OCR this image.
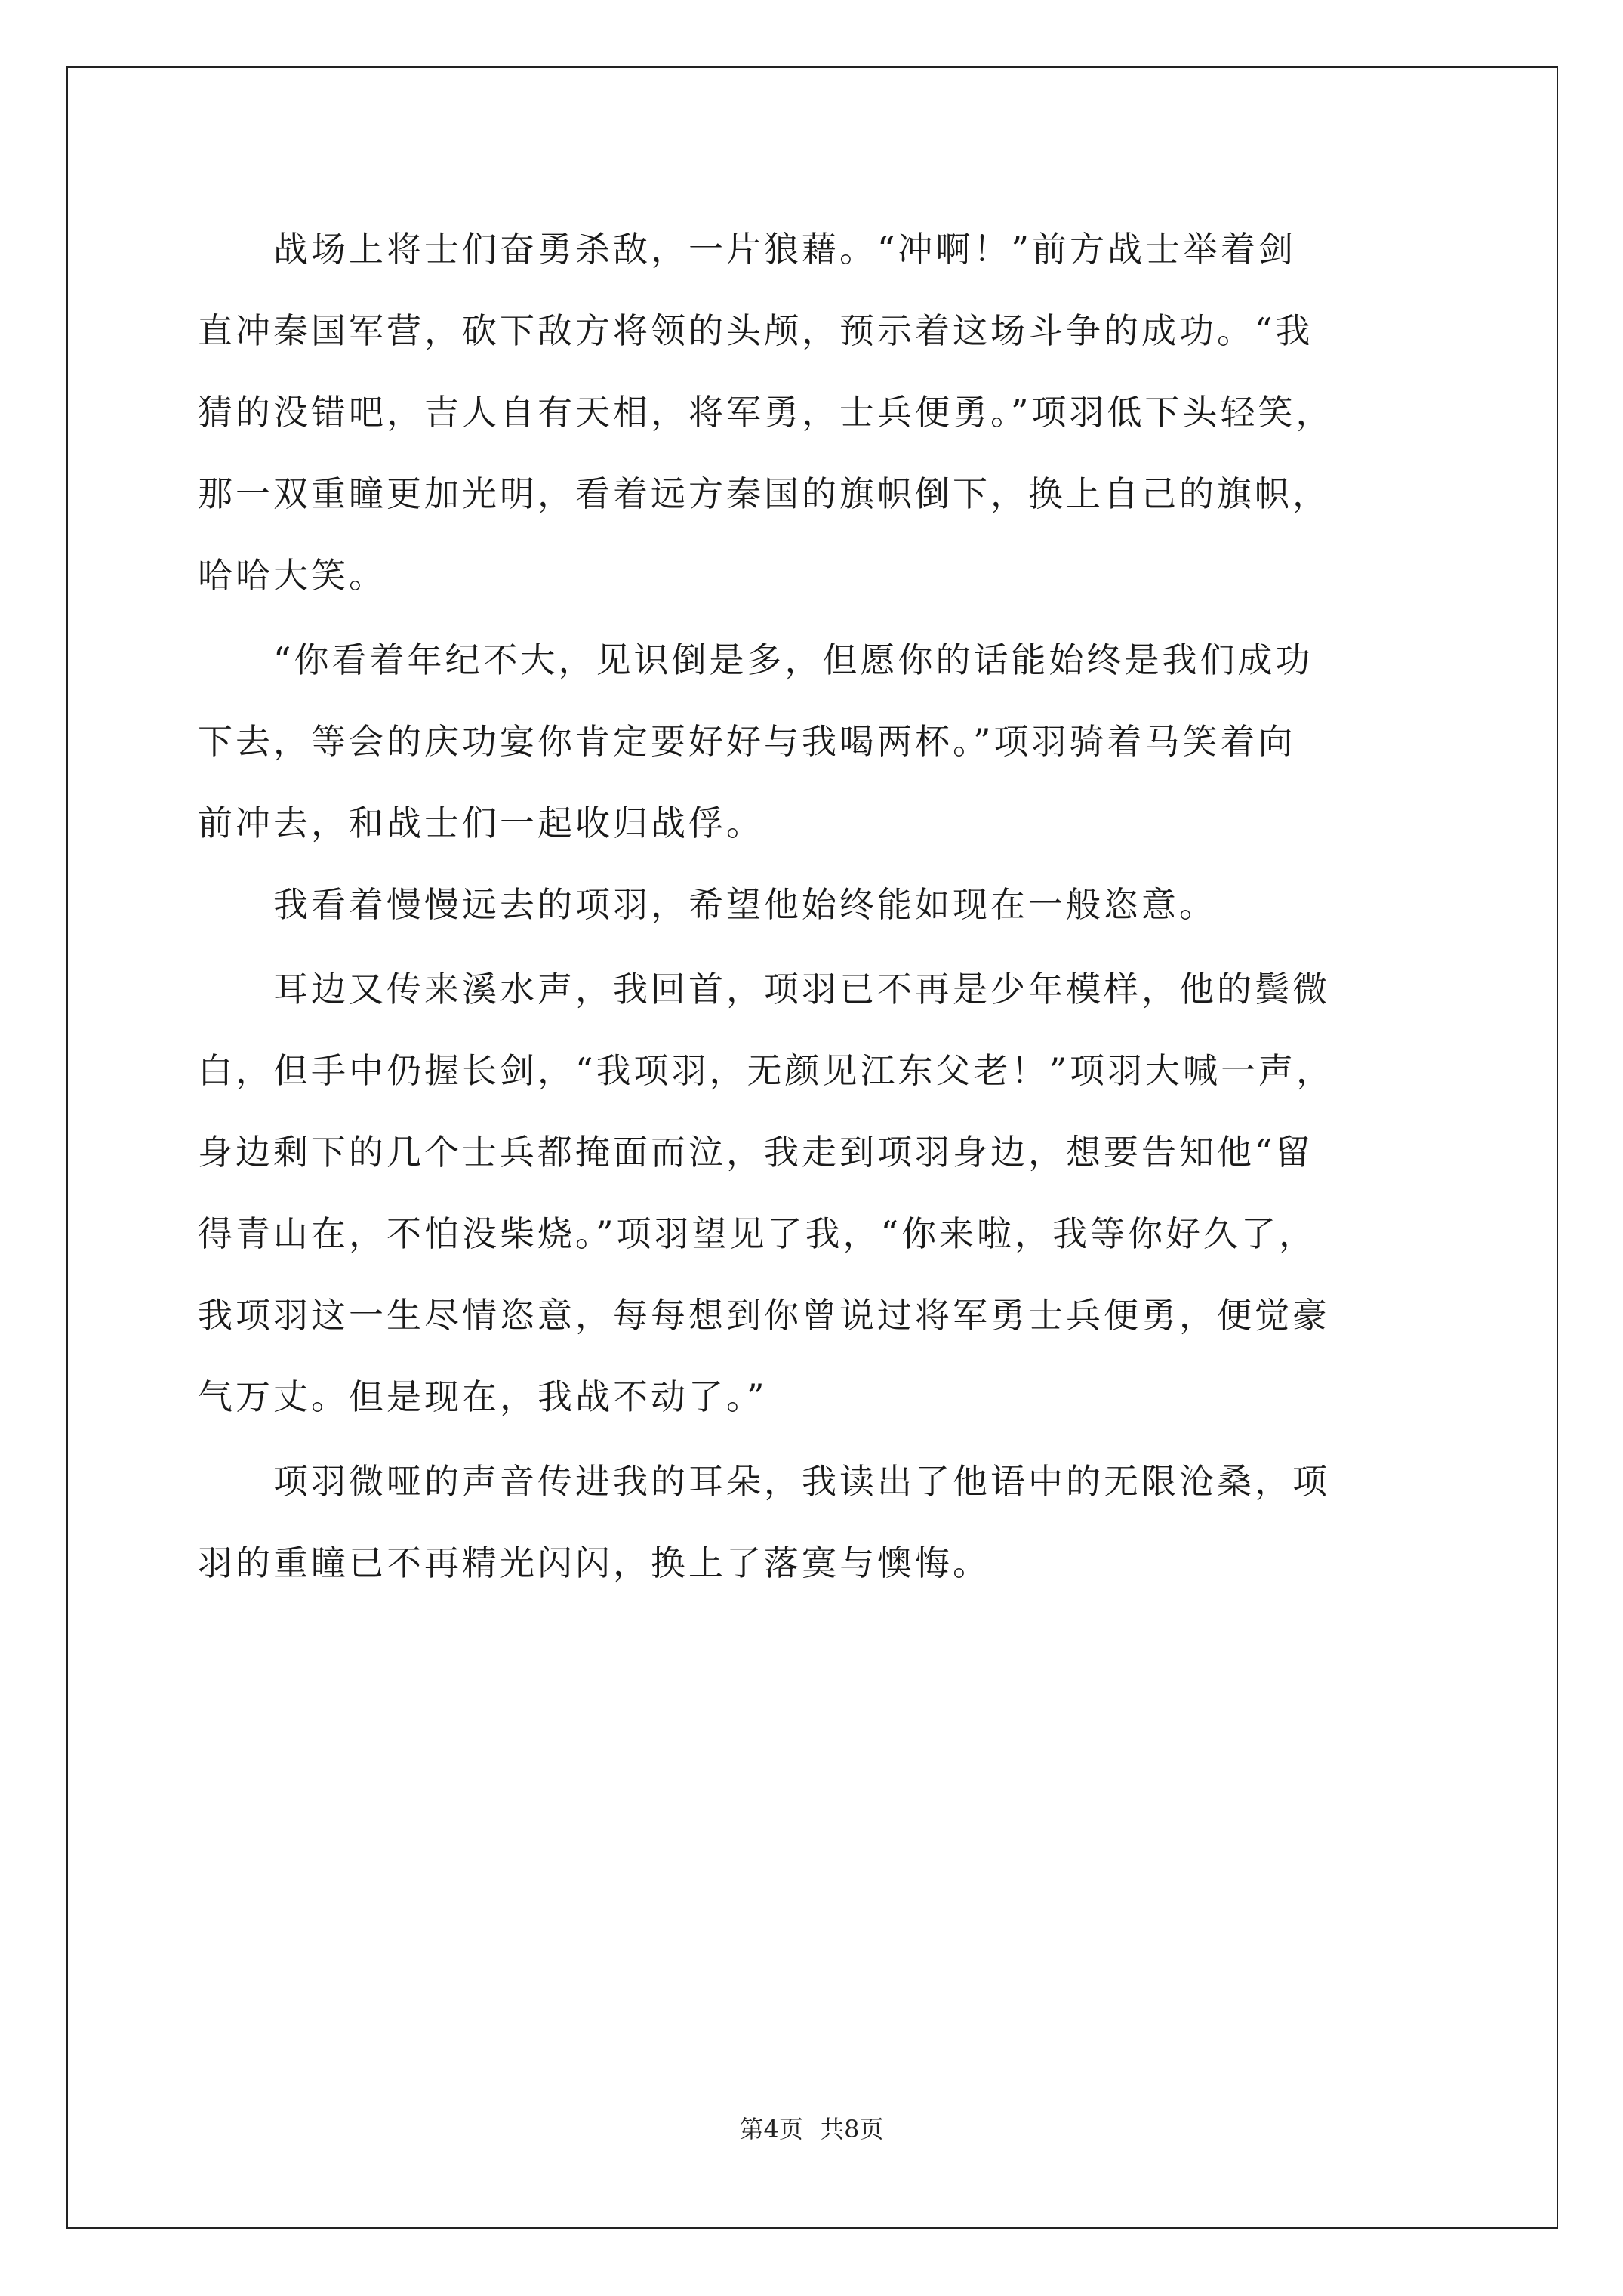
　　战场上将士们奋勇杀敌，一片狼藉。“冲啊！”前方战士举着剑
直冲秦国军营，砍下敌方将领的头颅，预示着这场斗争的成功。“我
猜的没错吧，吉人自有天相，将军勇，士兵便勇。”项羽低下头轻笑，
那一双重瞳更加光明，看着远方秦国的旗帜倒下，换上自己的旗帜，
哈哈大笑。
　　“你看着年纪不大，见识倒是多，但愿你的话能始终是我们成功
下去，等会的庆功宴你肯定要好好与我喝两杯。”项羽骑着马笑着向
前冲去，和战士们一起收归战俘。
　　我看着慢慢远去的项羽，希望他始终能如现在一般恣意。
　　耳边又传来溪水声，我回首，项羽已不再是少年模样，他的鬓微
白，但手中仍握长剑，“我项羽，无颜见江东父老！”项羽大喊一声，
身边剩下的几个士兵都掩面而泣，我走到项羽身边，想要告知他“留
得青山在，不怕没柴烧。”项羽望见了我，“你来啦，我等你好久了，
我项羽这一生尽情恣意，每每想到你曾说过将军勇士兵便勇，便觉豪
气万丈。但是现在，我战不动了。”
　　项羽微哑的声音传进我的耳朵，我读出了他语中的无限沧桑，项
羽的重瞳已不再精光闪闪，换上了落寞与懊悔。
第4页 共8页
